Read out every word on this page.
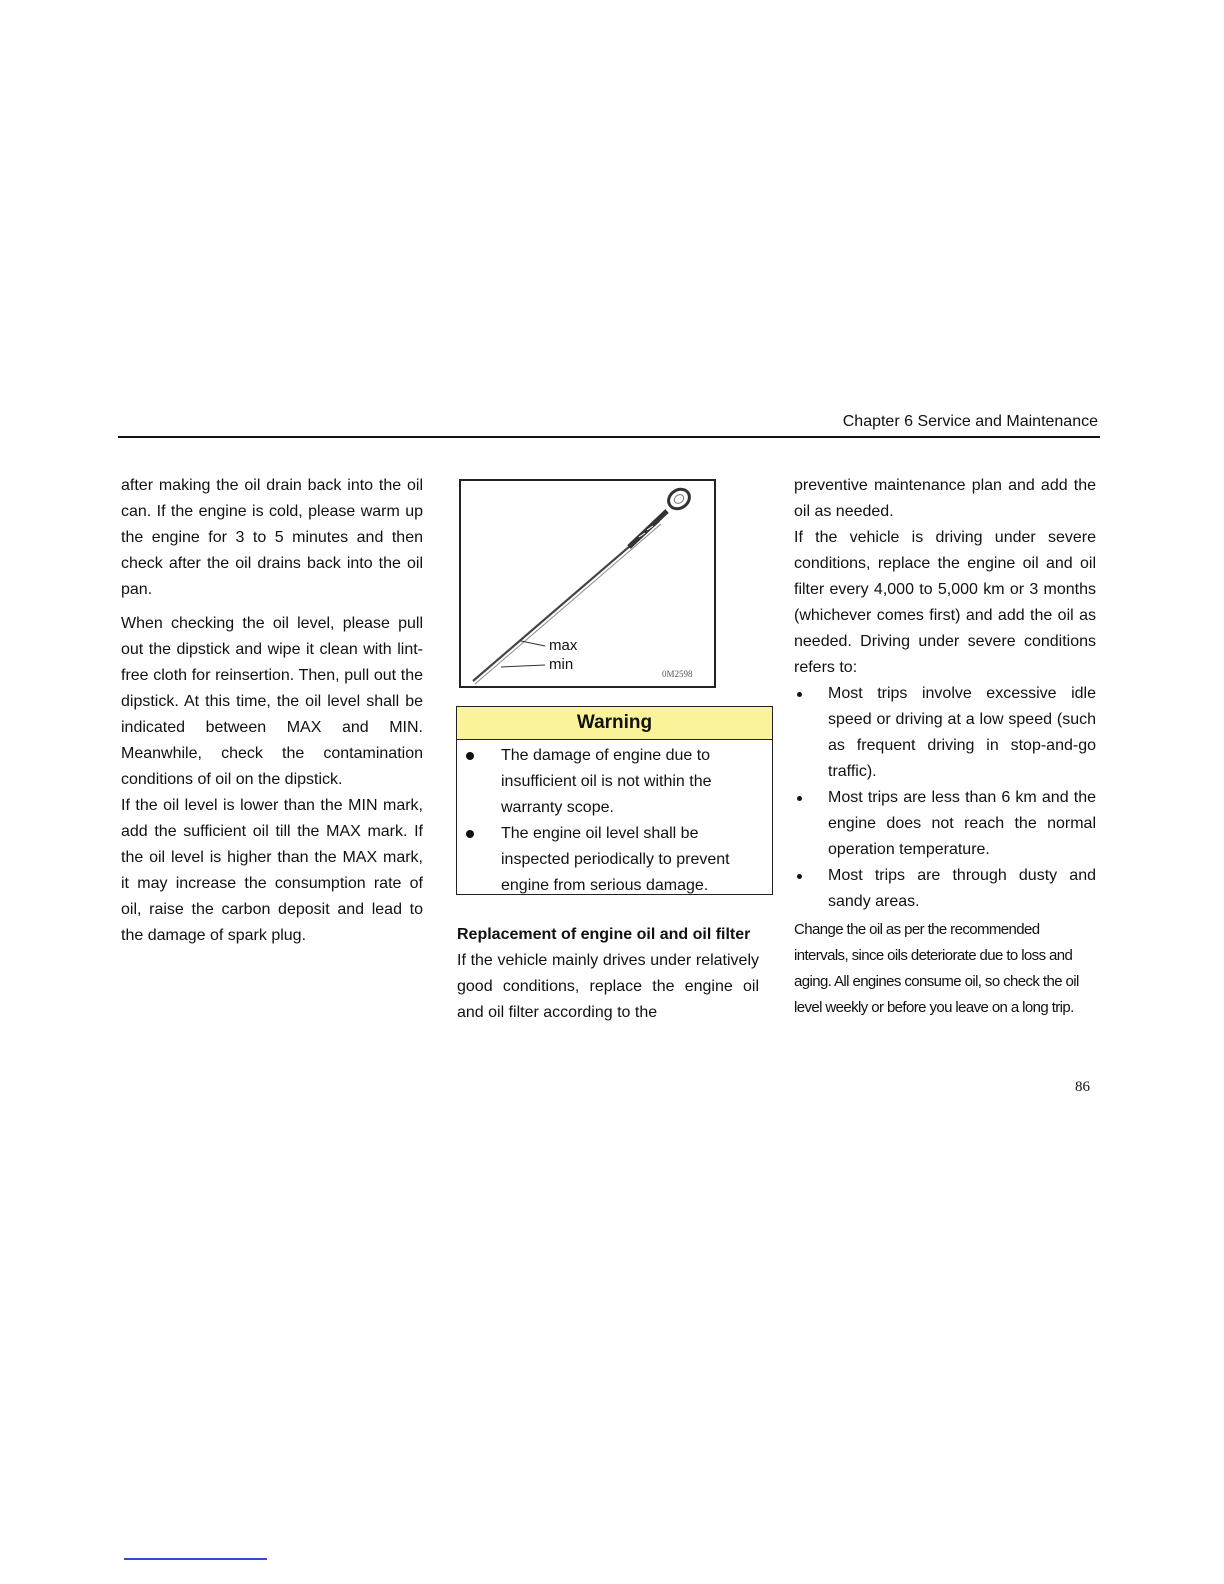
Chapter 6 Service and Maintenance

after making the oil drain back into the oil can. If the engine is cold, please warm up the engine for 3 to 5 minutes and then check after the oil drains back into the oil pan.

When checking the oil level, please pull out the dipstick and wipe it clean with lint-free cloth for reinsertion. Then, pull out the dipstick. At this time, the oil level shall be indicated between MAX and MIN. Meanwhile, check the contamination conditions of oil on the dipstick.

If the oil level is lower than the MIN mark, add the sufficient oil till the MAX mark. If the oil level is higher than the MAX mark, it may increase the consumption rate of oil, raise the carbon deposit and lead to the damage of spark plug.

max
min
0M2598
Warning
The damage of engine due to insufficient oil is not within the warranty scope.
The engine oil level shall be inspected periodically to prevent engine from serious damage.

Replacement of engine oil and oil filter

If the vehicle mainly drives under relatively good conditions, replace the engine oil and oil filter according to the

preventive maintenance plan and add the oil as needed.

If the vehicle is driving under severe conditions, replace the engine oil and oil filter every 4,000 to 5,000 km or 3 months (whichever comes first) and add the oil as needed. Driving under severe conditions refers to:

Most trips involve excessive idle speed or driving at a low speed (such as frequent driving in stop-and-go traffic).
Most trips are less than 6 km and the engine does not reach the normal operation temperature.
Most trips are through dusty and sandy areas.

Change the oil as per the recommended intervals, since oils deteriorate due to loss and aging. All engines consume oil, so check the oil level weekly or before you leave on a long trip.

86
